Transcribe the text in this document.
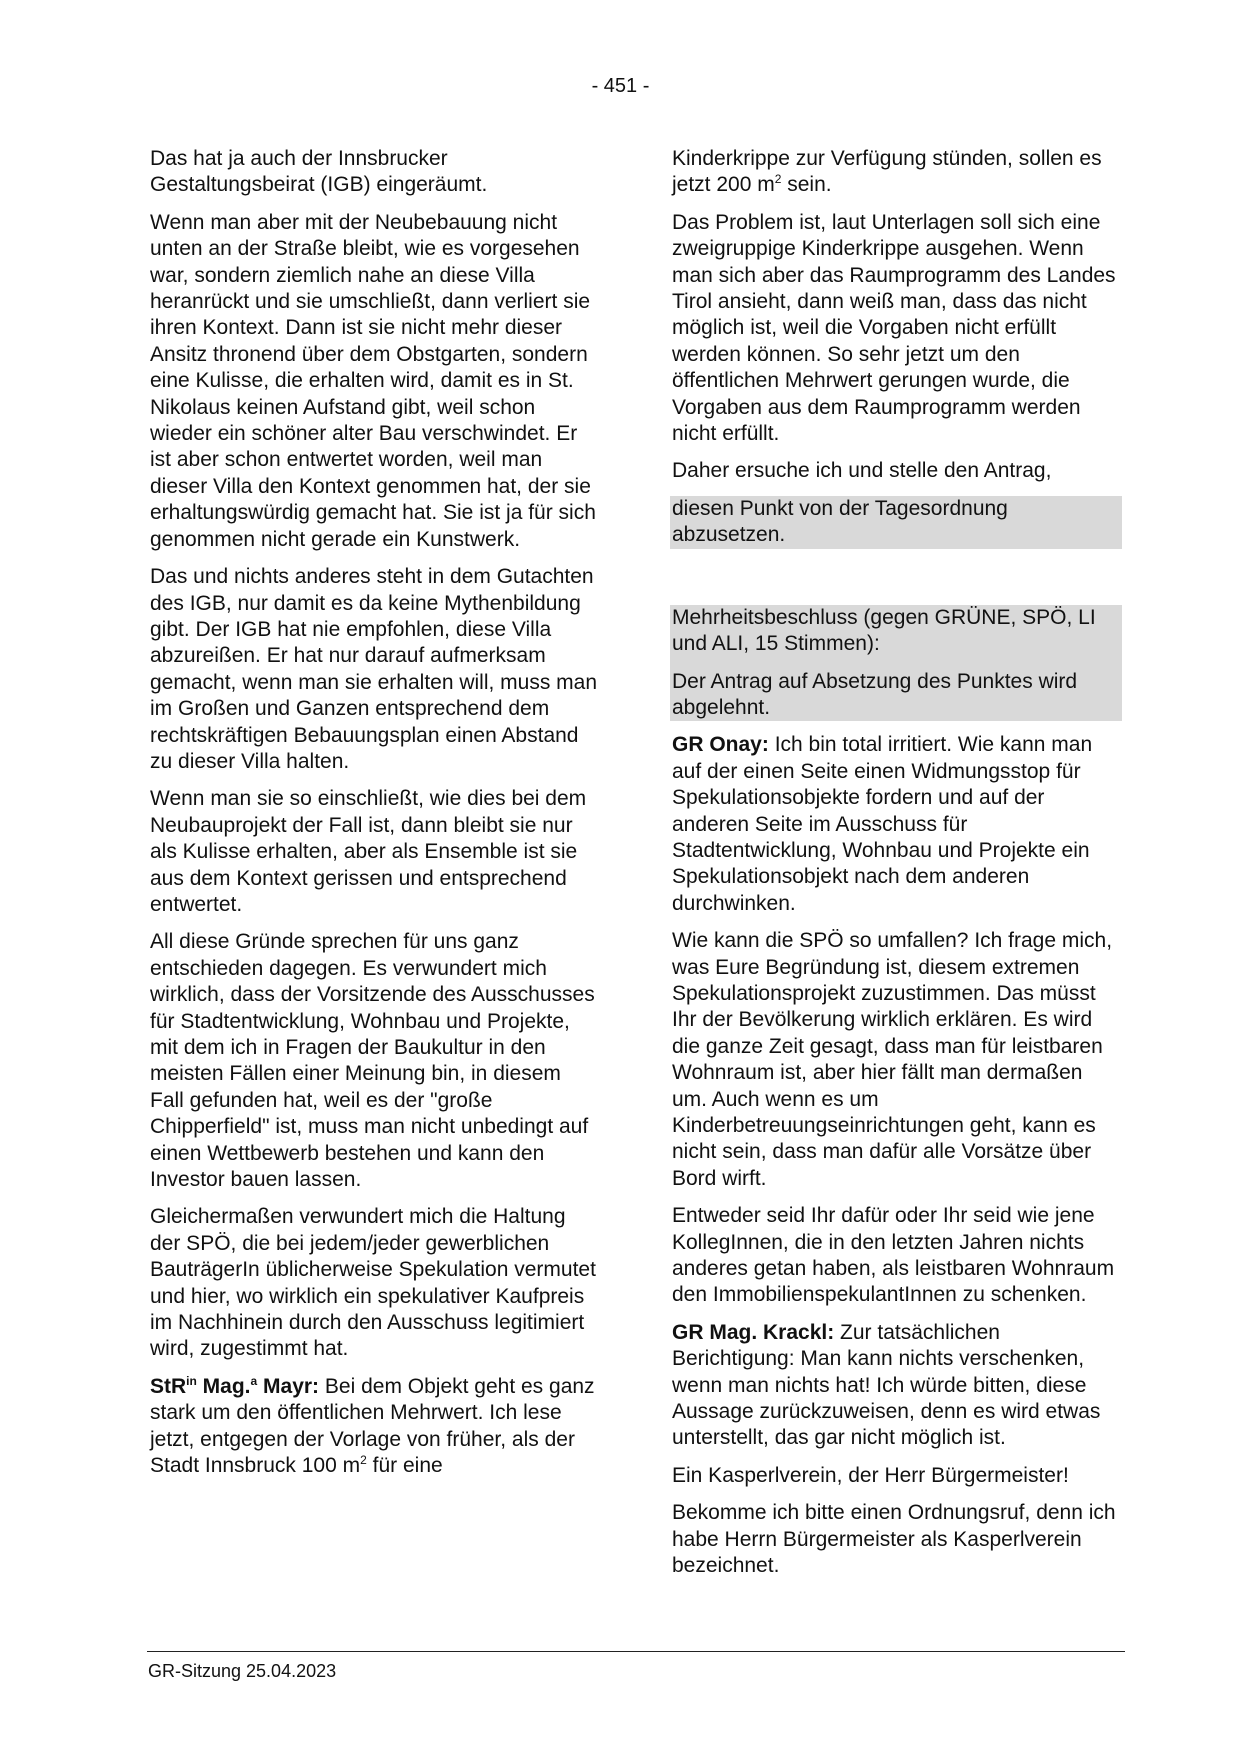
- 451 -

Das hat ja auch der Innsbrucker Gestaltungsbeirat (IGB) eingeräumt.

Wenn man aber mit der Neubebauung nicht unten an der Straße bleibt, wie es vorgesehen war, sondern ziemlich nahe an diese Villa heranrückt und sie umschließt, dann verliert sie ihren Kontext. Dann ist sie nicht mehr dieser Ansitz thronend über dem Obstgarten, sondern eine Kulisse, die erhalten wird, damit es in St. Nikolaus keinen Aufstand gibt, weil schon wieder ein schöner alter Bau verschwindet. Er ist aber schon entwertet worden, weil man dieser Villa den Kontext genommen hat, der sie erhaltungswürdig gemacht hat. Sie ist ja für sich genommen nicht gerade ein Kunstwerk.

Das und nichts anderes steht in dem Gutachten des IGB, nur damit es da keine Mythenbildung gibt. Der IGB hat nie empfohlen, diese Villa abzureißen. Er hat nur darauf aufmerksam gemacht, wenn man sie erhalten will, muss man im Großen und Ganzen entsprechend dem rechtskräftigen Bebauungsplan einen Abstand zu dieser Villa halten.

Wenn man sie so einschließt, wie dies bei dem Neubauprojekt der Fall ist, dann bleibt sie nur als Kulisse erhalten, aber als Ensemble ist sie aus dem Kontext gerissen und entsprechend entwertet.

All diese Gründe sprechen für uns ganz entschieden dagegen. Es verwundert mich wirklich, dass der Vorsitzende des Ausschusses für Stadtentwicklung, Wohnbau und Projekte, mit dem ich in Fragen der Baukultur in den meisten Fällen einer Meinung bin, in diesem Fall gefunden hat, weil es der "große Chipperfield" ist, muss man nicht unbedingt auf einen Wettbewerb bestehen und kann den Investor bauen lassen.

Gleichermaßen verwundert mich die Haltung der SPÖ, die bei jedem/jeder gewerblichen BauträgerIn üblicherweise Spekulation vermutet und hier, wo wirklich ein spekulativer Kaufpreis im Nachhinein durch den Ausschuss legitimiert wird, zugestimmt hat.

StR$^{in}$ Mag.$^a$ Mayr: Bei dem Objekt geht es ganz stark um den öffentlichen Mehrwert. Ich lese jetzt, entgegen der Vorlage von früher, als der Stadt Innsbruck 100 $m^2$ für eine

Kinderkrippe zur Verfügung stünden, sollen es jetzt 200 $m^2$ sein.

Das Problem ist, laut Unterlagen soll sich eine zweigruppige Kinderkrippe ausgehen. Wenn man sich aber das Raumprogramm des Landes Tirol ansieht, dann weiß man, dass das nicht möglich ist, weil die Vorgaben nicht erfüllt werden können. So sehr jetzt um den öffentlichen Mehrwert gerungen wurde, die Vorgaben aus dem Raumprogramm werden nicht erfüllt.

Daher ersuche ich und stelle den Antrag,

diesen Punkt von der Tagesordnung abzusetzen.

Mehrheitsbeschluss (gegen GRÜNE, SPÖ, LI und ALI, 15 Stimmen):

Der Antrag auf Absetzung des Punktes wird abgelehnt.

GR Onay: Ich bin total irritiert. Wie kann man auf der einen Seite einen Widmungsstop für Spekulationsobjekte fordern und auf der anderen Seite im Ausschuss für Stadtentwicklung, Wohnbau und Projekte ein Spekulationsobjekt nach dem anderen durchwinken.

Wie kann die SPÖ so umfallen? Ich frage mich, was Eure Begründung ist, diesem extremen Spekulationsprojekt zuzustimmen. Das müsst Ihr der Bevölkerung wirklich erklären. Es wird die ganze Zeit gesagt, dass man für leistbaren Wohnraum ist, aber hier fällt man dermaßen um. Auch wenn es um Kinderbetreuungseinrichtungen geht, kann es nicht sein, dass man dafür alle Vorsätze über Bord wirft.

Entweder seid Ihr dafür oder Ihr seid wie jene KollegInnen, die in den letzten Jahren nichts anderes getan haben, als leistbaren Wohnraum den ImmobilienspekulantInnen zu schenken.

GR Mag. Krackl: Zur tatsächlichen Berichtigung: Man kann nichts verschenken, wenn man nichts hat! Ich würde bitten, diese Aussage zurückzuweisen, denn es wird etwas unterstellt, das gar nicht möglich ist.

Ein Kasperlverein, der Herr Bürgermeister!

Bekomme ich bitte einen Ordnungsruf, denn ich habe Herrn Bürgermeister als Kasperlverein bezeichnet.

GR-Sitzung 25.04.2023
